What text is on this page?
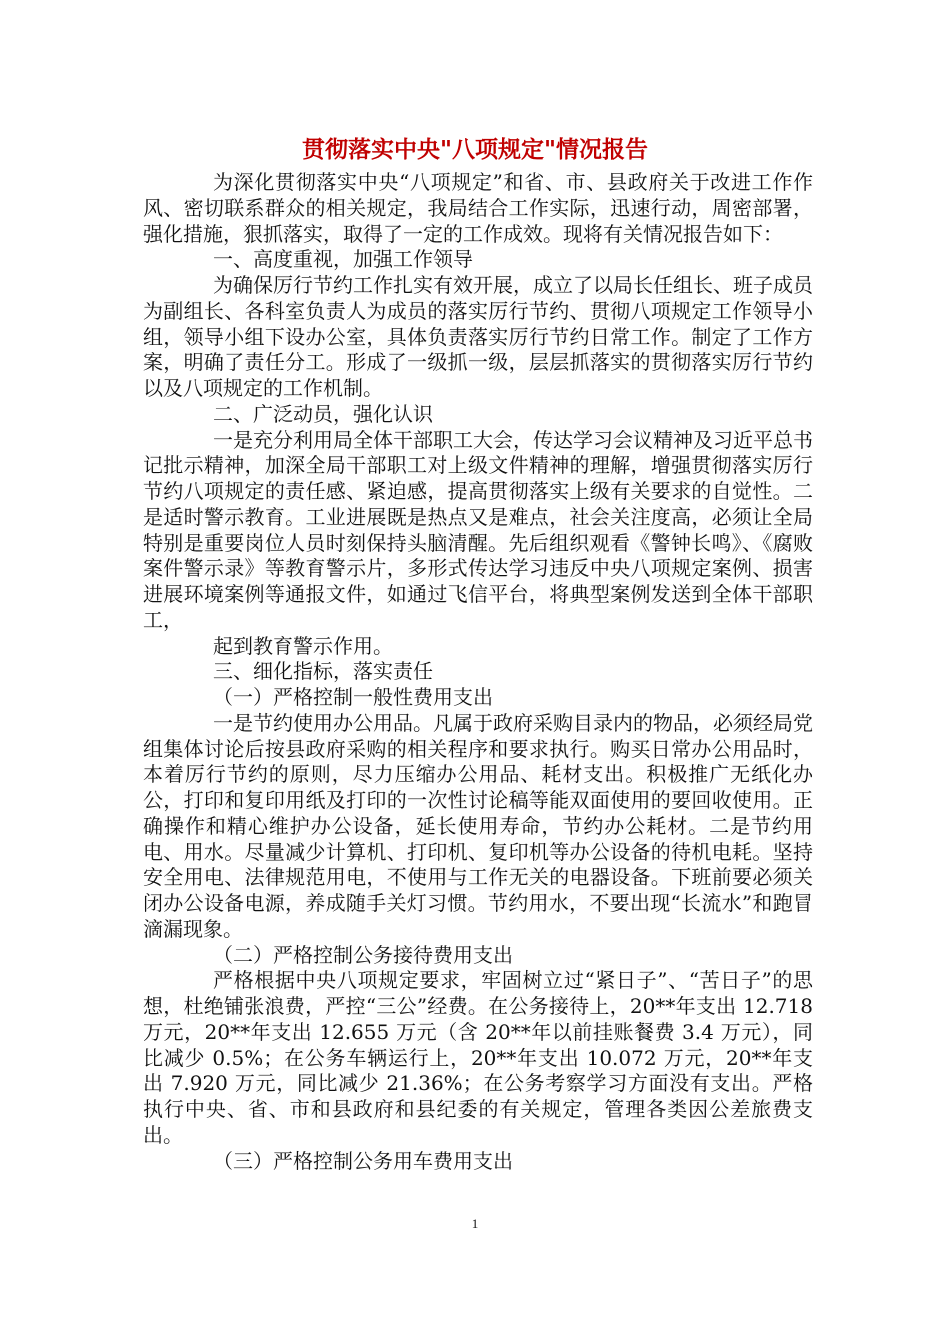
贯彻落实中央"八项规定"情况报告

为深化贯彻落实中央“八项规定”和省、市、县政府关于改进工作作风、密切联系群众的相关规定，我局结合工作实际，迅速行动，周密部署，强化措施，狠抓落实，取得了一定的工作成效。现将有关情况报告如下：

一、高度重视，加强工作领导

为确保厉行节约工作扎实有效开展，成立了以局长任组长、班子成员为副组长、各科室负责人为成员的落实厉行节约、贯彻八项规定工作领导小组，领导小组下设办公室，具体负责落实厉行节约日常工作。制定了工作方案，明确了责任分工。形成了一级抓一级，层层抓落实的贯彻落实厉行节约以及八项规定的工作机制。

二、广泛动员，强化认识

一是充分利用局全体干部职工大会，传达学习会议精神及习近平总书记批示精神，加深全局干部职工对上级文件精神的理解，增强贯彻落实厉行节约八项规定的责任感、紧迫感，提高贯彻落实上级有关要求的自觉性。二是适时警示教育。工业进展既是热点又是难点，社会关注度高，必须让全局特别是重要岗位人员时刻保持头脑清醒。先后组织观看《警钟长鸣》、《腐败案件警示录》等教育警示片，多形式传达学习违反中央八项规定案例、损害进展环境案例等通报文件，如通过飞信平台，将典型案例发送到全体干部职工，

起到教育警示作用。

三、细化指标，落实责任

（一）严格控制一般性费用支出

一是节约使用办公用品。凡属于政府采购目录内的物品，必须经局党组集体讨论后按县政府采购的相关程序和要求执行。购买日常办公用品时，本着厉行节约的原则，尽力压缩办公用品、耗材支出。积极推广无纸化办公，打印和复印用纸及打印的一次性讨论稿等能双面使用的要回收使用。正确操作和精心维护办公设备，延长使用寿命，节约办公耗材。二是节约用电、用水。尽量减少计算机、打印机、复印机等办公设备的待机电耗。坚持安全用电、法律规范用电，不使用与工作无关的电器设备。下班前要必须关闭办公设备电源，养成随手关灯习惯。节约用水，不要出现“长流水”和跑冒滴漏现象。

（二）严格控制公务接待费用支出

严格根据中央八项规定要求，牢固树立过“紧日子”、“苦日子”的思想，杜绝铺张浪费，严控“三公”经费。在公务接待上，20**年支出 12.718 万元，20**年支出 12.655 万元（含 20**年以前挂账餐费 3.4 万元），同比减少 0.5%；在公务车辆运行上，20**年支出 10.072 万元，20**年支出 7.920 万元，同比减少 21.36%；在公务考察学习方面没有支出。严格执行中央、省、市和县政府和县纪委的有关规定，管理各类因公差旅费支出。

（三）严格控制公务用车费用支出

1
